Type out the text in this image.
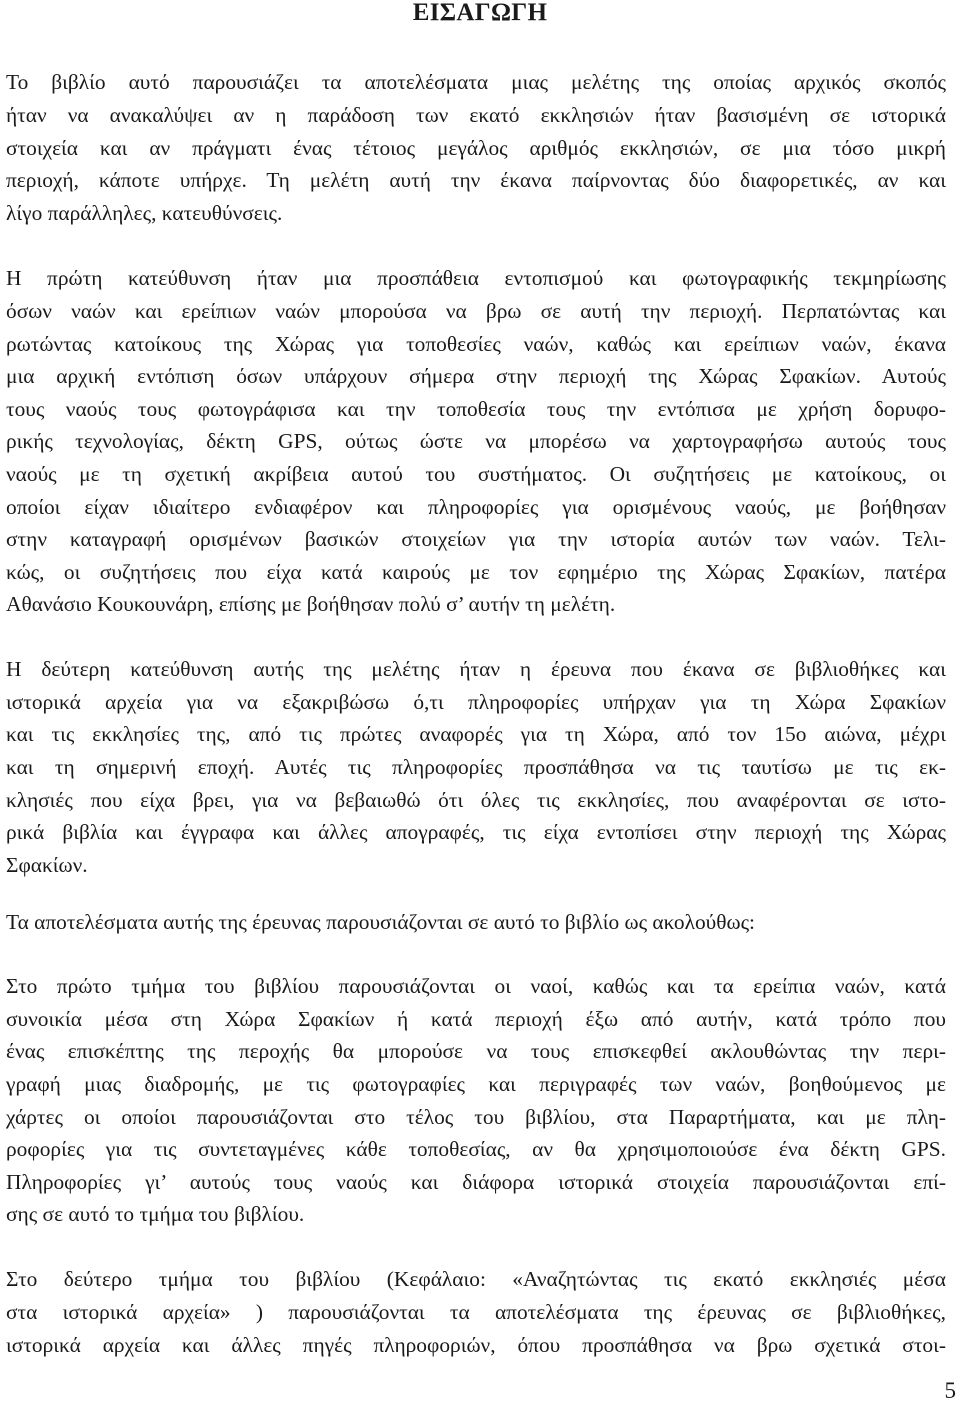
ΕΙΣΑΓΩΓΗ
Το βιβλίο αυτό παρουσιάζει τα αποτελέσματα μιας μελέτης της οποίας αρχικός σκοπός
ήταν να ανακαλύψει αν η παράδοση των εκατό εκκλησιών ήταν βασισμένη σε ιστορικά
στοιχεία και αν πράγματι ένας τέτοιος μεγάλος αριθμός εκκλησιών, σε μια τόσο μικρή
περιοχή, κάποτε υπήρχε. Τη μελέτη αυτή την έκανα παίρνοντας δύο διαφορετικές, αν και
λίγο παράλληλες, κατευθύνσεις.
Η πρώτη κατεύθυνση ήταν μια προσπάθεια εντοπισμού και φωτογραφικής τεκμηρίωσης
όσων ναών και ερείπιων ναών μπορούσα να βρω σε αυτή την περιοχή. Περπατώντας και
ρωτώντας κατοίκους της Χώρας για τοποθεσίες ναών, καθώς και ερείπιων ναών, έκανα
μια αρχική εντόπιση όσων υπάρχουν σήμερα στην περιοχή της Χώρας Σφακίων. Αυτούς
τους ναούς τους φωτογράφισα και την τοποθεσία τους την εντόπισα με χρήση δορυφο-
ρικής τεχνολογίας, δέκτη GPS, ούτως ώστε να μπορέσω να χαρτογραφήσω αυτούς τους
ναούς με τη σχετική ακρίβεια αυτού του συστήματος. Οι συζητήσεις με κατοίκους, οι
οποίοι είχαν ιδιαίτερο ενδιαφέρον και πληροφορίες για ορισμένους ναούς, με βοήθησαν
στην καταγραφή ορισμένων βασικών στοιχείων για την ιστορία αυτών των ναών. Τελι-
κώς, οι συζητήσεις που είχα κατά καιρούς με τον εφημέριο της Χώρας Σφακίων, πατέρα
Αθανάσιο Κουκουνάρη, επίσης με βοήθησαν πολύ σ’ αυτήν τη μελέτη.
Η δεύτερη κατεύθυνση αυτής της μελέτης ήταν η έρευνα που έκανα σε βιβλιοθήκες και
ιστορικά αρχεία για να εξακριβώσω ό,τι πληροφορίες υπήρχαν για τη Χώρα Σφακίων
και τις εκκλησίες της, από τις πρώτες αναφορές για τη Χώρα, από τον 15ο αιώνα, μέχρι
και τη σημερινή εποχή. Αυτές τις πληροφορίες προσπάθησα να τις ταυτίσω με τις εκ-
κλησιές που είχα βρει, για να βεβαιωθώ ότι όλες τις εκκλησίες, που αναφέρονται σε ιστο-
ρικά βιβλία και έγγραφα και άλλες απογραφές, τις είχα εντοπίσει στην περιοχή της Χώρας
Σφακίων.
Τα αποτελέσματα αυτής της έρευνας παρουσιάζονται σε αυτό το βιβλίο ως ακολούθως:
Στο πρώτο τμήμα του βιβλίου παρουσιάζονται οι ναοί, καθώς και τα ερείπια ναών, κατά
συνοικία μέσα στη Χώρα Σφακίων ή κατά περιοχή έξω από αυτήν, κατά τρόπο που
ένας επισκέπτης της περοχής θα μπορούσε να τους επισκεφθεί ακλουθώντας την περι-
γραφή μιας διαδρομής, με τις φωτογραφίες και περιγραφές των ναών, βοηθούμενος με
χάρτες οι οποίοι παρουσιάζονται στο τέλος του βιβλίου, στα Παραρτήματα, και με πλη-
ροφορίες για τις συντεταγμένες κάθε τοποθεσίας, αν θα χρησιμοποιούσε ένα δέκτη GPS.
Πληροφορίες γι’ αυτούς τους ναούς και διάφορα ιστορικά στοιχεία παρουσιάζονται επί-
σης σε αυτό το τμήμα του βιβλίου.
Στο δεύτερο τμήμα του βιβλίου (Κεφάλαιο: «Αναζητώντας τις εκατό εκκλησιές μέσα
στα ιστορικά αρχεία» ) παρουσιάζονται τα αποτελέσματα της έρευνας σε βιβλιοθήκες,
ιστορικά αρχεία και άλλες πηγές πληροφοριών, όπου προσπάθησα να βρω σχετικά στοι-
5
